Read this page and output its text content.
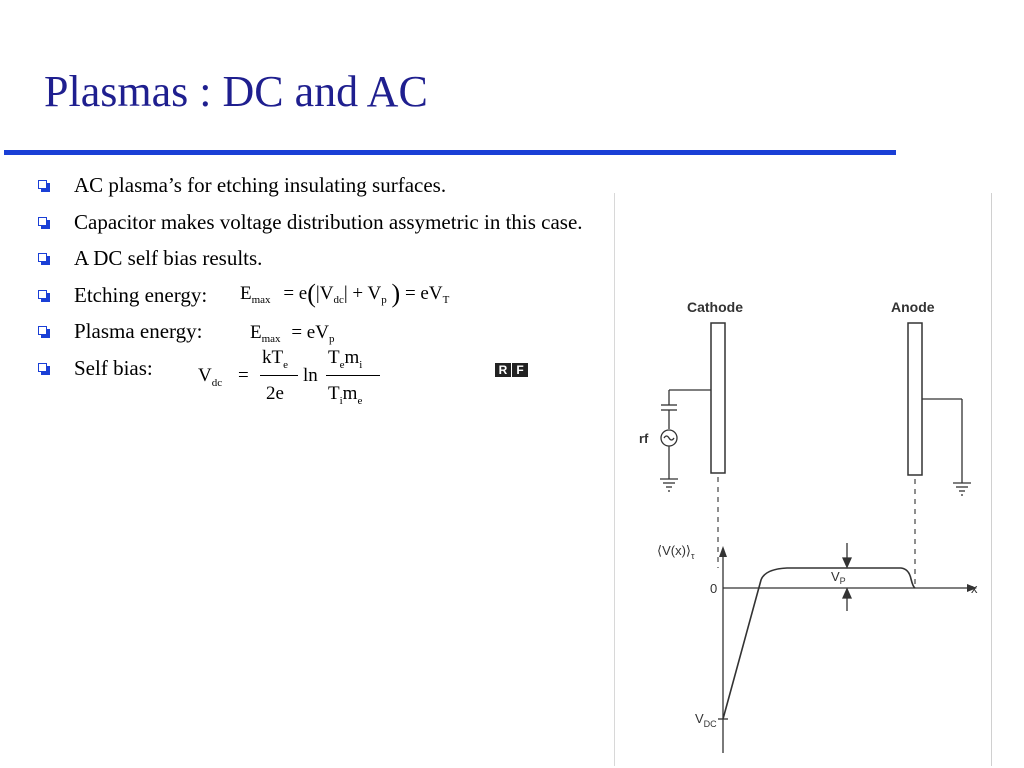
Plasmas : DC and AC
AC plasma’s for etching insulating surfaces.
Capacitor makes voltage distribution assymetric in this case.
A DC self bias results.
Etching energy:
Plasma energy:
Self bias:
$E_{max} = e(|V_{dc}| + V_p$ ) = $eV_T$
$E_{max} = eV_p$
$V_{dc}$ =
$kT_e$
2e
ln
$T_em_i$
$T_im_e$
R F
Cathode	Anode
rf
$⟨V(x)⟩_\tau$
0	x
$V_P$
$V_{DC}$
